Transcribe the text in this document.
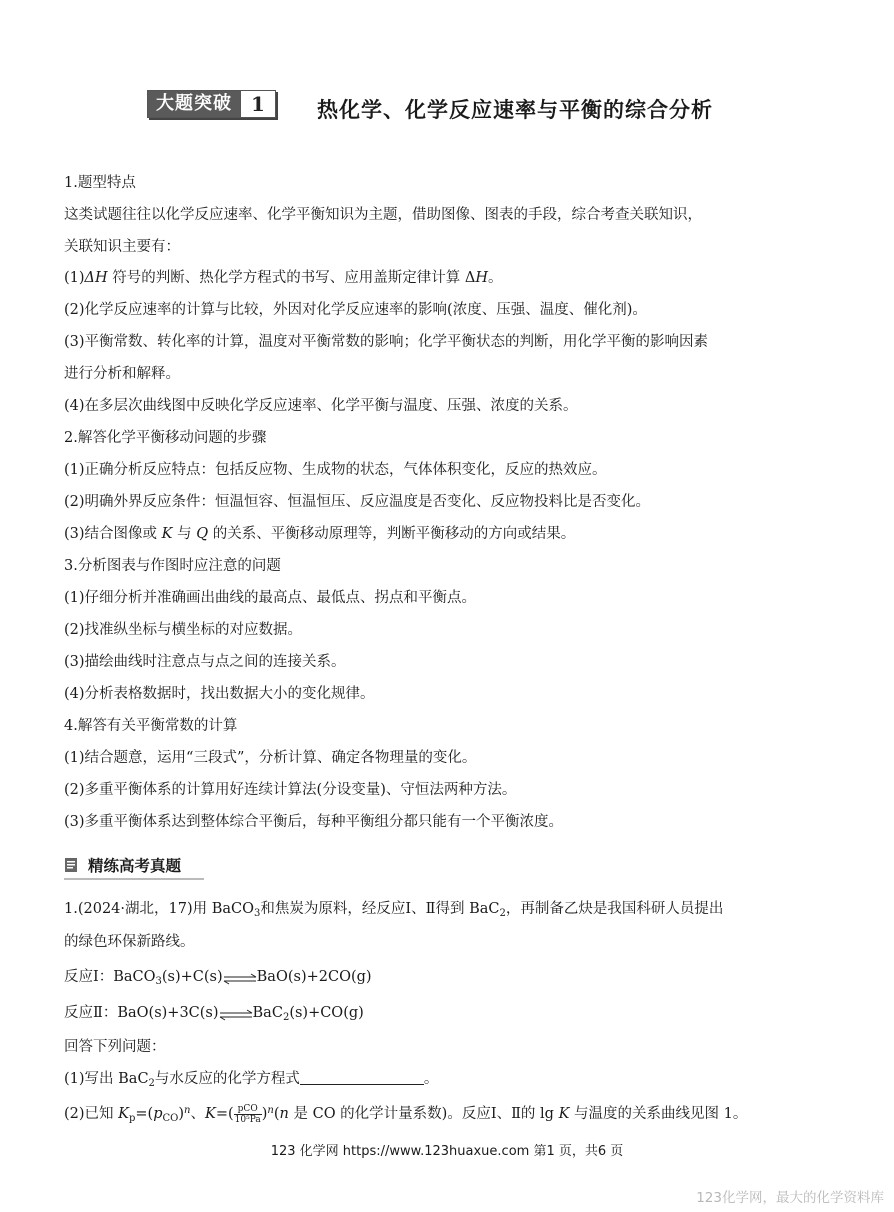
大题突破 1	热化学、化学反应速率与平衡的综合分析
1.题型特点
这类试题往往以化学反应速率、化学平衡知识为主题，借助图像、图表的手段，综合考查关联知识，
关联知识主要有：
(1)ΔH 符号的判断、热化学方程式的书写、应用盖斯定律计算 ΔH。
(2)化学反应速率的计算与比较，外因对化学反应速率的影响(浓度、压强、温度、催化剂)。
(3)平衡常数、转化率的计算，温度对平衡常数的影响；化学平衡状态的判断，用化学平衡的影响因素
进行分析和解释。
(4)在多层次曲线图中反映化学反应速率、化学平衡与温度、压强、浓度的关系。
2.解答化学平衡移动问题的步骤
(1)正确分析反应特点：包括反应物、生成物的状态，气体体积变化，反应的热效应。
(2)明确外界反应条件：恒温恒容、恒温恒压、反应温度是否变化、反应物投料比是否变化。
(3)结合图像或 K 与 Q 的关系、平衡移动原理等，判断平衡移动的方向或结果。
3.分析图表与作图时应注意的问题
(1)仔细分析并准确画出曲线的最高点、最低点、拐点和平衡点。
(2)找准纵坐标与横坐标的对应数据。
(3)描绘曲线时注意点与点之间的连接关系。
(4)分析表格数据时，找出数据大小的变化规律。
4.解答有关平衡常数的计算
(1)结合题意，运用“三段式”，分析计算、确定各物理量的变化。
(2)多重平衡体系的计算用好连续计算法(分设变量)、守恒法两种方法。
(3)多重平衡体系达到整体综合平衡后，每种平衡组分都只能有一个平衡浓度。
精练高考真题
1.(2024·湖北，17)用 BaCO$_3$和焦炭为原料，经反应Ⅰ、Ⅱ得到 BaC$_2$，再制备乙炔是我国科研人员提出
的绿色环保新路线。
反应Ⅰ：BaCO$_3$(s)+C(s)⇌BaO(s)+2CO(g)
反应Ⅱ：BaO(s)+3C(s)⇌BaC$_2$(s)+CO(g)
回答下列问题：
(1)写出 BaC$_2$与水反应的化学方程式	。
(2)已知 $K_p=(p_{CO})^n$、$K=( \frac{\text{pCO}}{\text{10⁵Pa}} )^n(n$ 是 CO 的化学计量系数)。反应Ⅰ、Ⅱ的 lg K 与温度的关系曲线见图 1。
123 化学网 https://www.123huaxue.com 第1 页，共6 页
123化学网，最大的化学资料库
